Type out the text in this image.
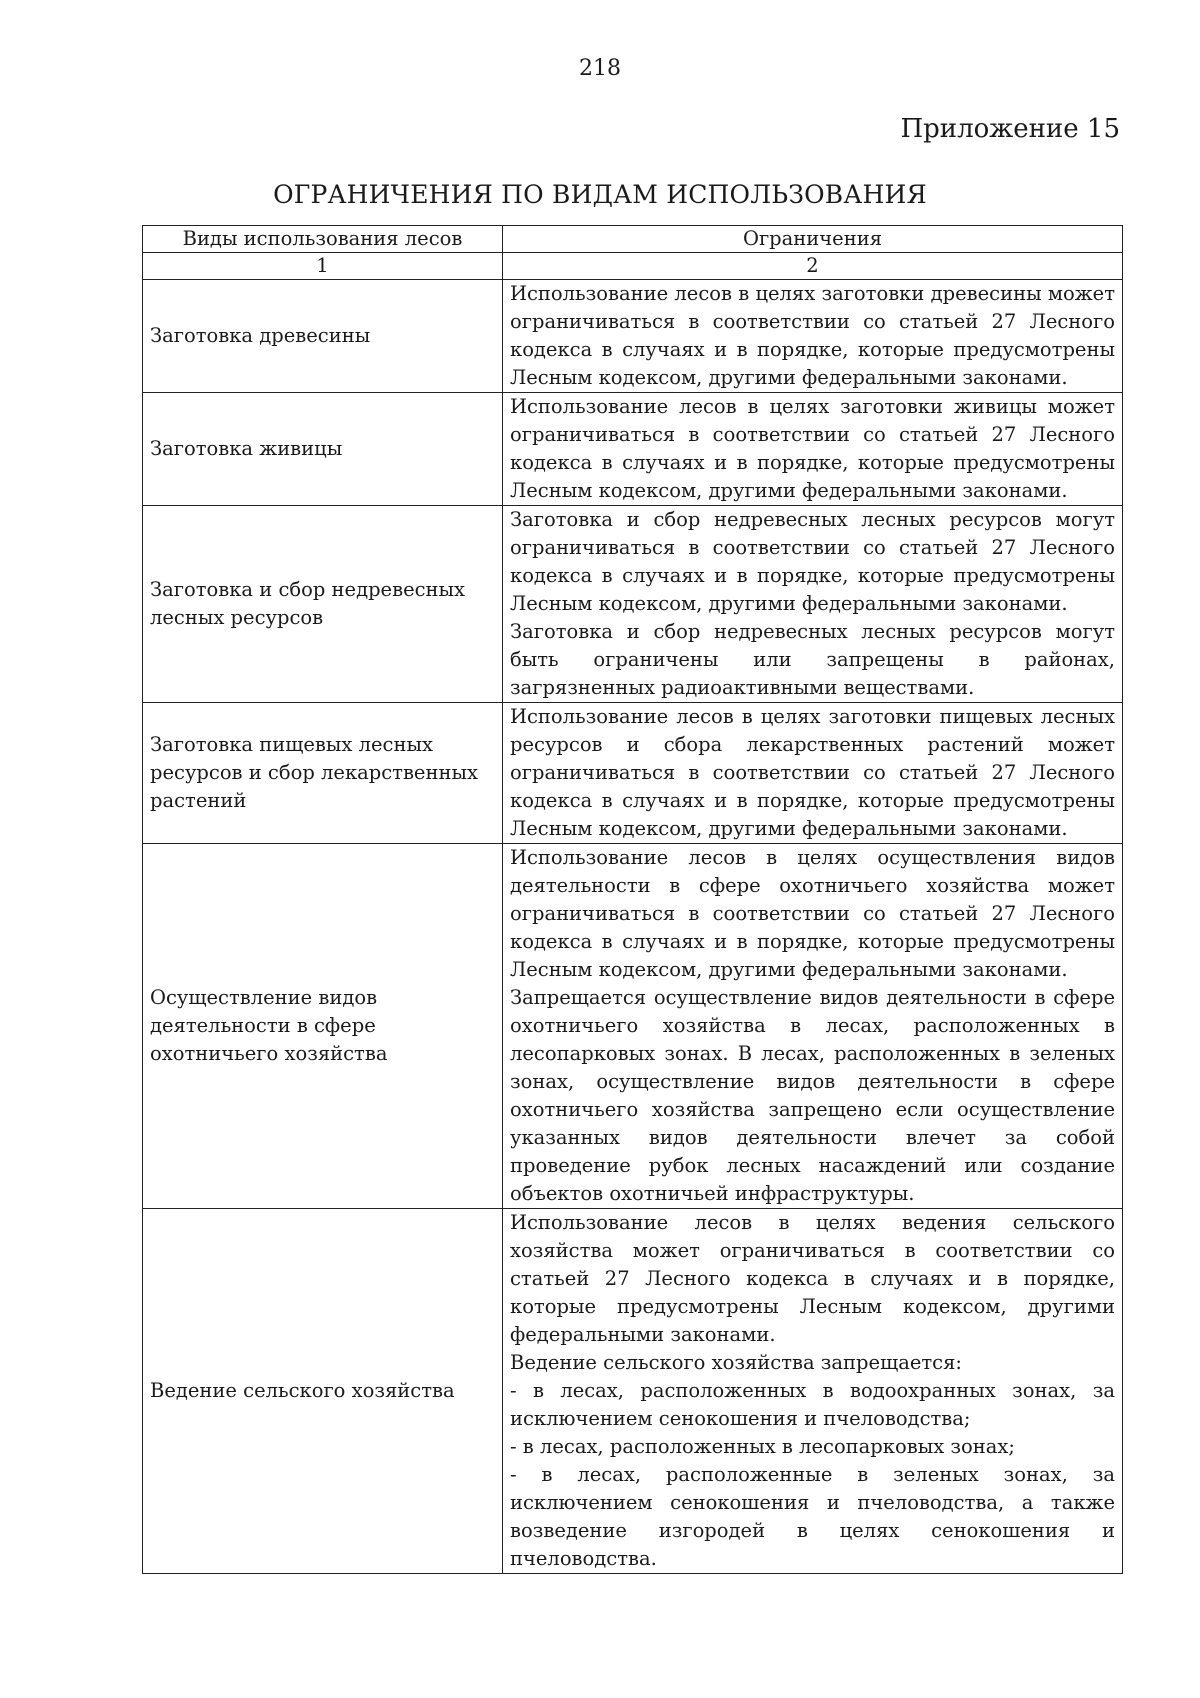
218
Приложение 15
ОГРАНИЧЕНИЯ ПО ВИДАМ ИСПОЛЬЗОВАНИЯ
Виды использования лесов	Ограничения
1	2
Заготовка древесины	Использование лесов в целях заготовки древесины может ограничиваться в соответствии со статьей 27 Лесного кодекса в случаях и в порядке, которые предусмотрены Лесным кодексом, другими федеральными законами.

Заготовка живицы	Использование лесов в целях заготовки живицы может ограничиваться в соответствии со статьей 27 Лесного кодекса в случаях и в порядке, которые предусмотрены Лесным кодексом, другими федеральными законами.

Заготовка и сбор недревесных лесных ресурсов	Заготовка и сбор недревесных лесных ресурсов могут ограничиваться в соответствии со статьей 27 Лесного кодекса в случаях и в порядке, которые предусмотрены Лесным кодексом, другими федеральными законами.

Заготовка и сбор недревесных лесных ресурсов могут быть ограничены или запрещены в районах, загрязненных радиоактивными веществами.

Заготовка пищевых лесных ресурсов и сбор лекарственных растений	Использование лесов в целях заготовки пищевых лесных ресурсов и сбора лекарственных растений может ограничиваться в соответствии со статьей 27 Лесного кодекса в случаях и в порядке, которые предусмотрены Лесным кодексом, другими федеральными законами.

Осуществление видов деятельности в сфере охотничьего хозяйства	Использование лесов в целях осуществления видов деятельности в сфере охотничьего хозяйства может ограничиваться в соответствии со статьей 27 Лесного кодекса в случаях и в порядке, которые предусмотрены Лесным кодексом, другими федеральными законами.

Запрещается осуществление видов деятельности в сфере охотничьего хозяйства в лесах, расположенных в лесопарковых зонах. В лесах, расположенных в зеленых зонах, осуществление видов деятельности в сфере охотничьего хозяйства запрещено если осуществление указанных видов деятельности влечет за собой проведение рубок лесных насаждений или создание объектов охотничьей инфраструктуры.

Ведение сельского хозяйства	Использование лесов в целях ведения сельского хозяйства может ограничиваться в соответствии со статьей 27 Лесного кодекса в случаях и в порядке, которые предусмотрены Лесным кодексом, другими федеральными законами.

Ведение сельского хозяйства запрещается:

- в лесах, расположенных в водоохранных зонах, за исключением сенокошения и пчеловодства;

- в лесах, расположенных в лесопарковых зонах;

- в лесах, расположенные в зеленых зонах, за исключением сенокошения и пчеловодства, а также возведение изгородей в целях сенокошения и пчеловодства.
